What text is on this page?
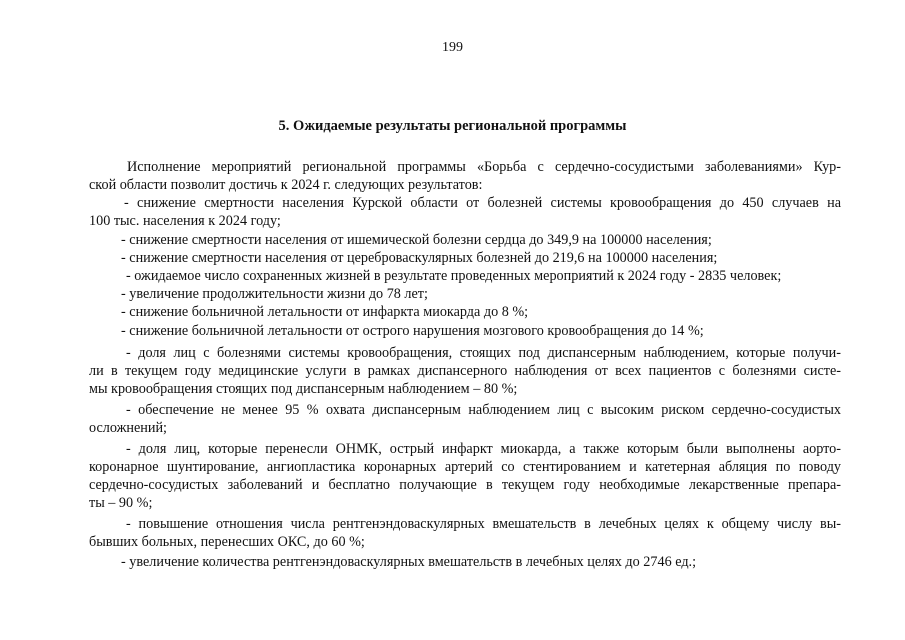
199
5. Ожидаемые результаты региональной программы
Исполнение мероприятий региональной программы «Борьба с сердечно-сосудистыми заболеваниями» Кур-
ской области позволит достичь к 2024 г. следующих результатов:
- снижение смертности населения Курской области от болезней системы кровообращения до 450 случаев на
100 тыс. населения к 2024 году;
- снижение смертности населения от ишемической болезни сердца до 349,9 на 100000 населения;
- снижение смертности населения от цереброваскулярных болезней до 219,6 на 100000 населения;
- ожидаемое число сохраненных жизней в результате проведенных мероприятий к 2024 году - 2835 человек;
- увеличение продолжительности жизни до 78 лет;
- снижение больничной летальности от инфаркта миокарда до 8 %;
- снижение больничной летальности от острого нарушения мозгового кровообращения до 14 %;
- доля лиц с болезнями системы кровообращения, стоящих под диспансерным наблюдением, которые получи-
ли в текущем году медицинские услуги в рамках диспансерного наблюдения от всех пациентов с болезнями систе-
мы кровообращения стоящих под диспансерным наблюдением – 80 %;
- обеспечение не менее 95 % охвата диспансерным наблюдением лиц с высоким риском сердечно-сосудистых
осложнений;
- доля лиц, которые перенесли ОНМК, острый инфаркт миокарда, а также которым были выполнены аорто-
коронарное шунтирование, ангиопластика коронарных артерий со стентированием и катетерная абляция по поводу
сердечно-сосудистых заболеваний и бесплатно получающие в текущем году необходимые лекарственные препара-
ты – 90 %;
- повышение отношения числа рентгенэндоваскулярных вмешательств в лечебных целях к общему числу вы-
бывших больных, перенесших ОКС, до 60 %;
- увеличение количества рентгенэндоваскулярных вмешательств в лечебных целях до 2746 ед.;
